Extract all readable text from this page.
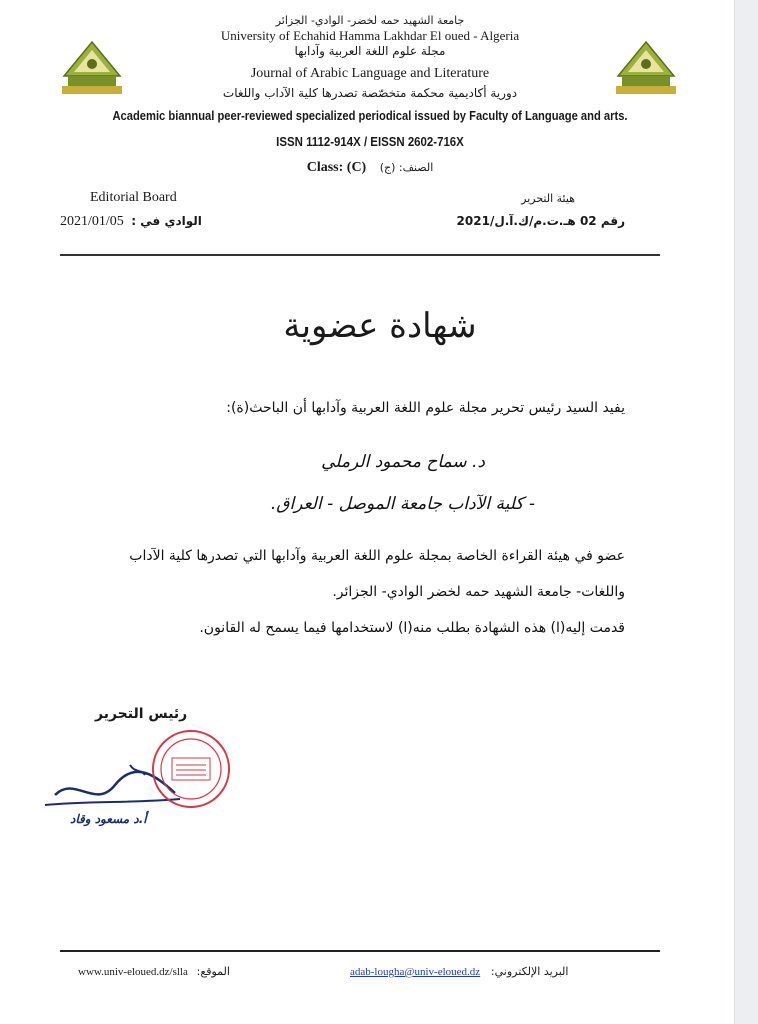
جامعة الشهيد حمه لخضر- الوادي- الجزائر
University of Echahid Hamma Lakhdar El oued - Algeria
مجلة علوم اللغة العربية وآدابها
Journal of Arabic Language and Literature
دورية أكاديمية محكمة متخصّصة تصدرها كلية الآداب واللغات
Academic biannual peer-reviewed specialized periodical issued by Faculty of Language and arts.
ISSN 1112-914X / EISSN 2602-716X
Class: (C) الصنف: (ج)
Editorial Board
2021/01/05 : الوادي في
هيئة التحرير
رقم 02 هـ.ت.م/ك.آ.ل/2021
شهادة عضوية
يفيد السيد رئيس تحرير مجلة علوم اللغة العربية وآدابها أن الباحث(ة):
د. سماح محمود الرملي
- كلية الآداب جامعة الموصل - العراق.
عضو في هيئة القراءة الخاصة بمجلة علوم اللغة العربية وآدابها التي تصدرها كلية الآداب
واللغات- جامعة الشهيد حمه لخضر الوادي- الجزائر.
قدمت إليه(ا) هذه الشهادة بطلب منه(ا) لاستخدامها فيما يسمح له القانون.
رئيس التحرير
أ.د مسعود وقاد
www.univ-eloued.dz/slla :الموقع	adab-lougha@univ-eloued.dz :البريد الإلكتروني
